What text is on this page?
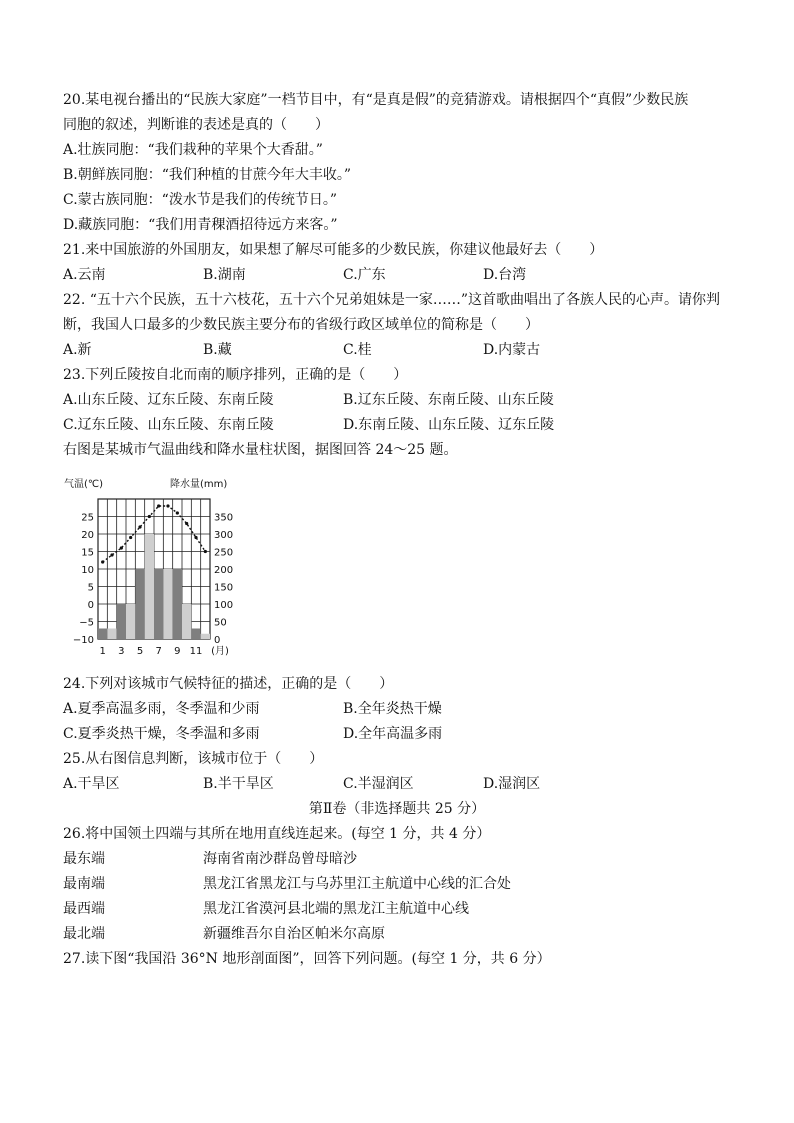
20.某电视台播出的“民族大家庭”一档节目中，有“是真是假”的竞猜游戏。请根据四个“真假”少数民族
同胞的叙述，判断谁的表述是真的（　　）
A.壮族同胞：“我们栽种的苹果个大香甜。”
B.朝鲜族同胞：“我们种植的甘蔗今年大丰收。”
C.蒙古族同胞：“泼水节是我们的传统节日。”
D.藏族同胞：“我们用青稞酒招待远方来客。”
21.来中国旅游的外国朋友，如果想了解尽可能多的少数民族，你建议他最好去（　　）
A.云南	B.湖南	C.广东	D.台湾
22. “五十六个民族，五十六枝花，五十六个兄弟姐妹是一家……”这首歌曲唱出了各族人民的心声。请你判
断，我国人口最多的少数民族主要分布的省级行政区域单位的简称是（　　）
A.新	B.藏	C.桂	D.内蒙古
23.下列丘陵按自北而南的顺序排列，正确的是（　　）
A.山东丘陵、辽东丘陵、东南丘陵	B.辽东丘陵、东南丘陵、山东丘陵
C.辽东丘陵、山东丘陵、东南丘陵	D.东南丘陵、山东丘陵、辽东丘陵
右图是某城市气温曲线和降水量柱状图，据图回答 24～25 题。
25
20
15
10
5
0
−5
−10
350
300
250
200
150
100
50
0
1 3 5 7 9 11 (月)
气温(℃)	降水量(mm)
24.下列对该城市气候特征的描述，正确的是（　　）
A.夏季高温多雨，冬季温和少雨	B.全年炎热干燥
C.夏季炎热干燥，冬季温和多雨	D.全年高温多雨
25.从右图信息判断，该城市位于（　　）
A.干旱区	B.半干旱区	C.半湿润区	D.湿润区
第Ⅱ卷（非选择题共 25 分）
26.将中国领土四端与其所在地用直线连起来。(每空 1 分，共 4 分）
最东端	海南省南沙群岛曾母暗沙
最南端	黑龙江省黑龙江与乌苏里江主航道中心线的汇合处
最西端	黑龙江省漠河县北端的黑龙江主航道中心线
最北端	新疆维吾尔自治区帕米尔高原
27.读下图“我国沿 36°N 地形剖面图”，回答下列问题。(每空 1 分，共 6 分）
